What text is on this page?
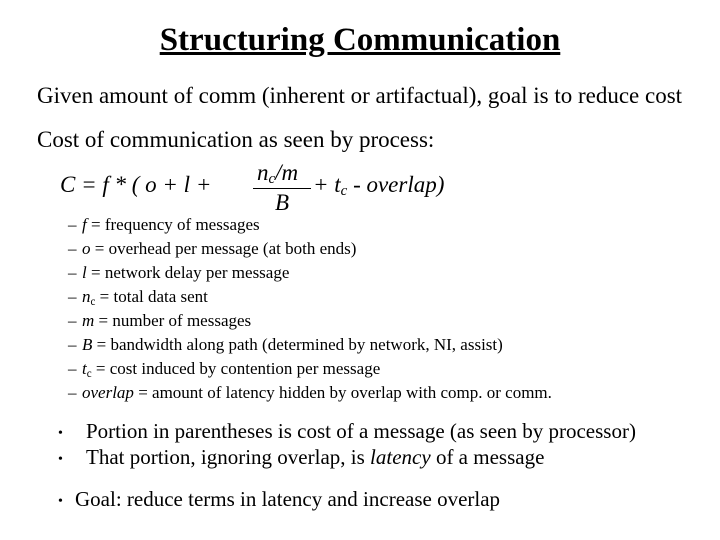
Structuring Communication
Given amount of comm (inherent or artifactual), goal is to reduce cost
Cost of communication as seen by process:
C = f * ( $o + l + n_c/m$
B
+ $t_c$ - overlap)
– f = frequency of messages
– o = overhead per message (at both ends)
– l = network delay per message
– $n_c$ = total data sent
– m = number of messages
– B = bandwidth along path (determined by network, NI, assist)
– $t_c = \cos t$ induced by contention per message
– overlap = amount of latency hidden by overlap with comp. or comm.
• Portion in parentheses is cost of a message (as seen by processor)
• That portion, ignoring overlap, is latency of a message
• Goal: reduce terms in latency and increase overlap
